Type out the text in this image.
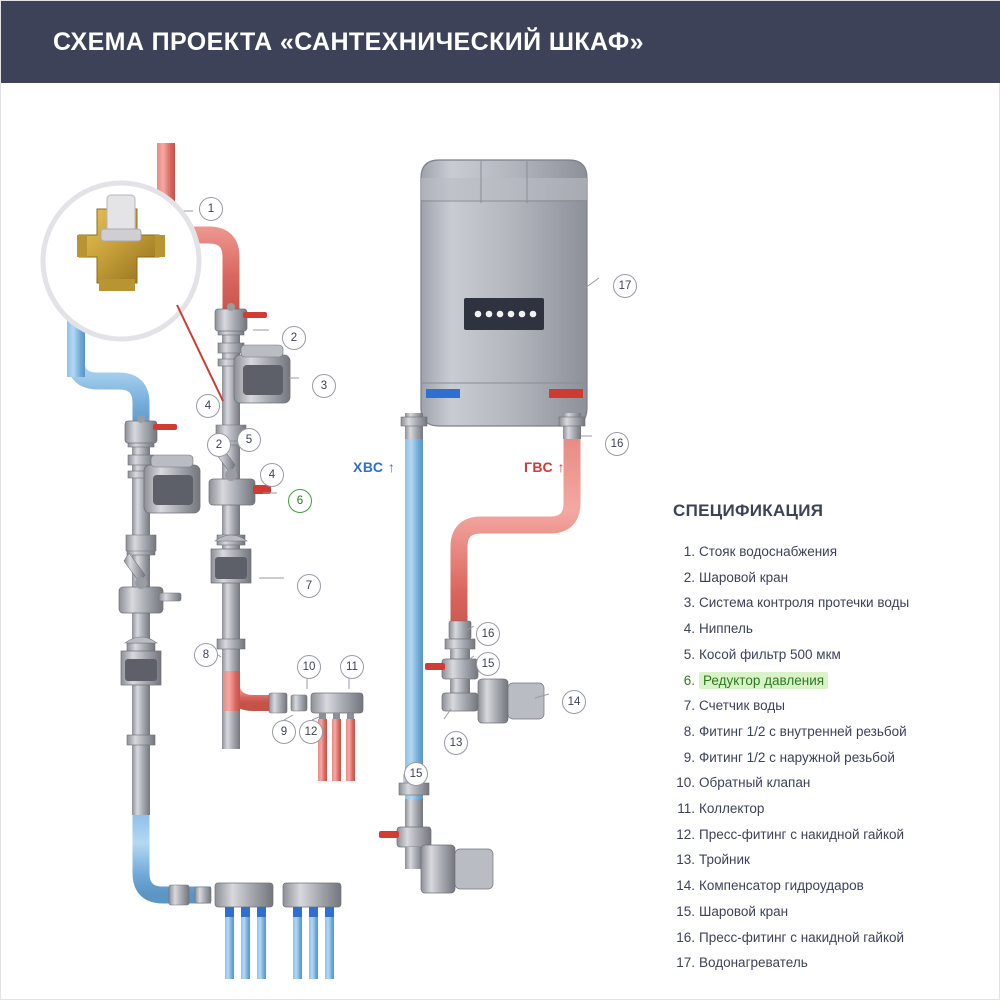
СХЕМА ПРОЕКТА «САНТЕХНИЧЕСКИЙ ШКАФ»
ХВС ↑	ГВС ↑
1
2
3
4
5
2
4
6
7
8
10	11
9	12
17
16
16
15
14
13
15
СПЕЦИФИКАЦИЯ
Стояк водоснабжения
Шаровой кран
Система контроля протечки воды
Ниппель
Косой фильтр 500 мкм
Редуктор давления
Счетчик воды
Фитинг 1/2 с внутренней резьбой
Фитинг 1/2 с наружной резьбой
Обратный клапан
Коллектор
Пресс-фитинг с накидной гайкой
Тройник
Компенсатор гидроударов
Шаровой кран
Пресс-фитинг с накидной гайкой
Водонагреватель
